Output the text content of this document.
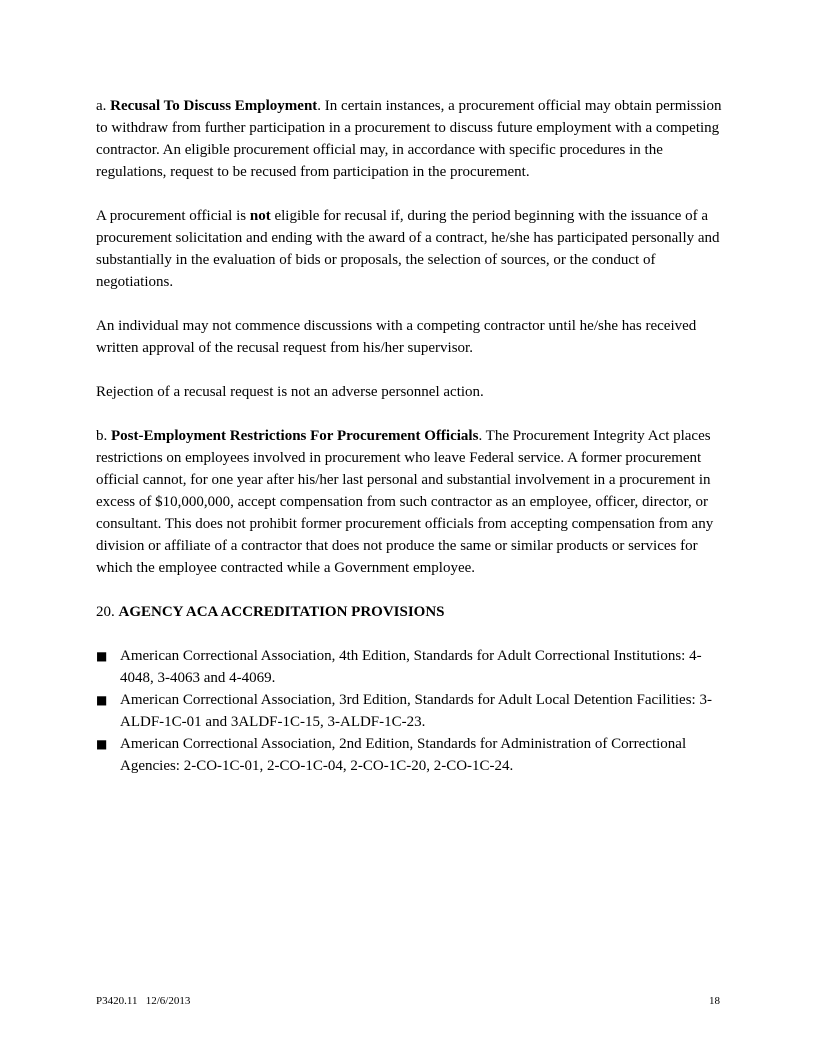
a. Recusal To Discuss Employment. In certain instances, a procurement official may obtain permission to withdraw from further participation in a procurement to discuss future employment with a competing contractor. An eligible procurement official may, in accordance with specific procedures in the regulations, request to be recused from participation in the procurement.

A procurement official is not eligible for recusal if, during the period beginning with the issuance of a procurement solicitation and ending with the award of a contract, he/she has participated personally and substantially in the evaluation of bids or proposals, the selection of sources, or the conduct of negotiations.

An individual may not commence discussions with a competing contractor until he/she has received written approval of the recusal request from his/her supervisor.

Rejection of a recusal request is not an adverse personnel action.

b. Post-Employment Restrictions For Procurement Officials. The Procurement Integrity Act places restrictions on employees involved in procurement who leave Federal service. A former procurement official cannot, for one year after his/her last personal and substantial involvement in a procurement in excess of $10,000,000, accept compensation from such contractor as an employee, officer, director, or consultant. This does not prohibit former procurement officials from accepting compensation from any division or affiliate of a contractor that does not produce the same or similar products or services for which the employee contracted while a Government employee.

20. AGENCY ACA ACCREDITATION PROVISIONS

■ American Correctional Association, 4th Edition, Standards for Adult Correctional Institutions: 4-4048, 3-4063 and 4-4069.
■ American Correctional Association, 3rd Edition, Standards for Adult Local Detention Facilities: 3-ALDF-1C-01 and 3ALDF-1C-15, 3-ALDF-1C-23.
■ American Correctional Association, 2nd Edition, Standards for Administration of Correctional Agencies: 2-CO-1C-01, 2-CO-1C-04, 2-CO-1C-20, 2-CO-1C-24.
P3420.11   12/6/2013	18
